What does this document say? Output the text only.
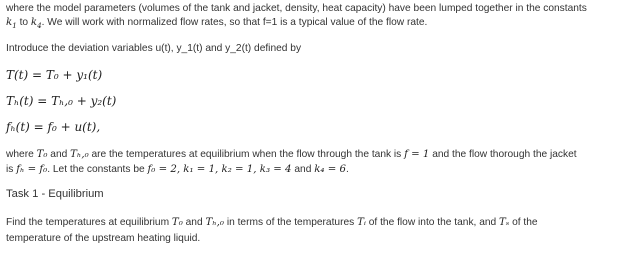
where the model parameters (volumes of the tank and jacket, density, heat capacity) have been lumped together in the constants
$k_1$ to $k_4$. We will work with normalized flow rates, so that f=1 is a typical value of the flow rate.
Introduce the deviation variables u(t), y_1(t) and y_2(t) defined by
T(t) = T₀ + y₁(t)
Tₕ(t) = Tₕ,₀ + y₂(t)
fₕ(t) = f₀ + u(t),
where T₀ and Tₕ,₀ are the temperatures at equilibrium when the flow through the tank is f = 1 and the flow thorough the jacket
is fₕ = f₀. Let the constants be f₀ = 2, k₁ = 1, k₂ = 1, k₃ = 4 and k₄ = 6.
Task 1 - Equilibrium
Find the temperatures at equilibrium T₀ and Tₕ,₀ in terms of the temperatures Tᵢ of the flow into the tank, and Tₛ of the
temperature of the upstream heating liquid.
